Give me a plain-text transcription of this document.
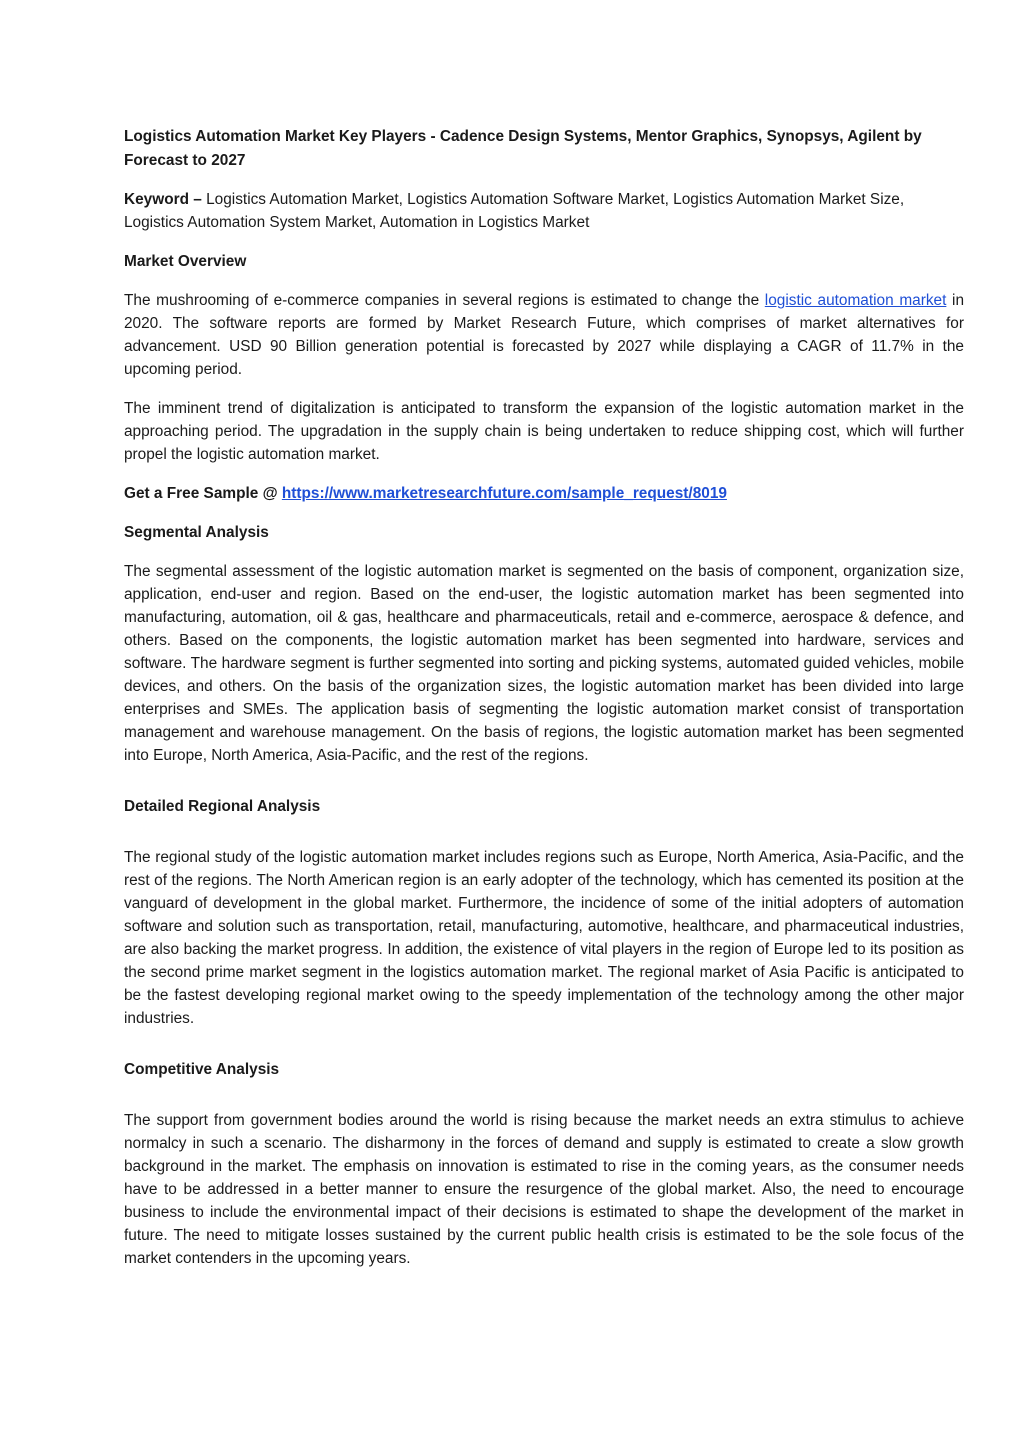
Logistics Automation Market Key Players - Cadence Design Systems, Mentor Graphics, Synopsys, Agilent by Forecast to 2027

Keyword – Logistics Automation Market, Logistics Automation Software Market, Logistics Automation Market Size, Logistics Automation System Market, Automation in Logistics Market

Market Overview

The mushrooming of e-commerce companies in several regions is estimated to change the logistic automation market in 2020. The software reports are formed by Market Research Future, which comprises of market alternatives for advancement. USD 90 Billion generation potential is forecasted by 2027 while displaying a CAGR of 11.7% in the upcoming period.

The imminent trend of digitalization is anticipated to transform the expansion of the logistic automation market in the approaching period. The upgradation in the supply chain is being undertaken to reduce shipping cost, which will further propel the logistic automation market.

Get a Free Sample @ https://www.marketresearchfuture.com/sample_request/8019

Segmental Analysis

The segmental assessment of the logistic automation market is segmented on the basis of component, organization size, application, end-user and region. Based on the end-user, the logistic automation market has been segmented into manufacturing, automation, oil & gas, healthcare and pharmaceuticals, retail and e-commerce, aerospace & defence, and others. Based on the components, the logistic automation market has been segmented into hardware, services and software. The hardware segment is further segmented into sorting and picking systems, automated guided vehicles, mobile devices, and others. On the basis of the organization sizes, the logistic automation market has been divided into large enterprises and SMEs. The application basis of segmenting the logistic automation market consist of transportation management and warehouse management. On the basis of regions, the logistic automation market has been segmented into Europe, North America, Asia-Pacific, and the rest of the regions.

Detailed Regional Analysis

The regional study of the logistic automation market includes regions such as Europe, North America, Asia-Pacific, and the rest of the regions. The North American region is an early adopter of the technology, which has cemented its position at the vanguard of development in the global market. Furthermore, the incidence of some of the initial adopters of automation software and solution such as transportation, retail, manufacturing, automotive, healthcare, and pharmaceutical industries, are also backing the market progress. In addition, the existence of vital players in the region of Europe led to its position as the second prime market segment in the logistics automation market. The regional market of Asia Pacific is anticipated to be the fastest developing regional market owing to the speedy implementation of the technology among the other major industries.

Competitive Analysis

The support from government bodies around the world is rising because the market needs an extra stimulus to achieve normalcy in such a scenario. The disharmony in the forces of demand and supply is estimated to create a slow growth background in the market. The emphasis on innovation is estimated to rise in the coming years, as the consumer needs have to be addressed in a better manner to ensure the resurgence of the global market. Also, the need to encourage business to include the environmental impact of their decisions is estimated to shape the development of the market in future. The need to mitigate losses sustained by the current public health crisis is estimated to be the sole focus of the market contenders in the upcoming years.
